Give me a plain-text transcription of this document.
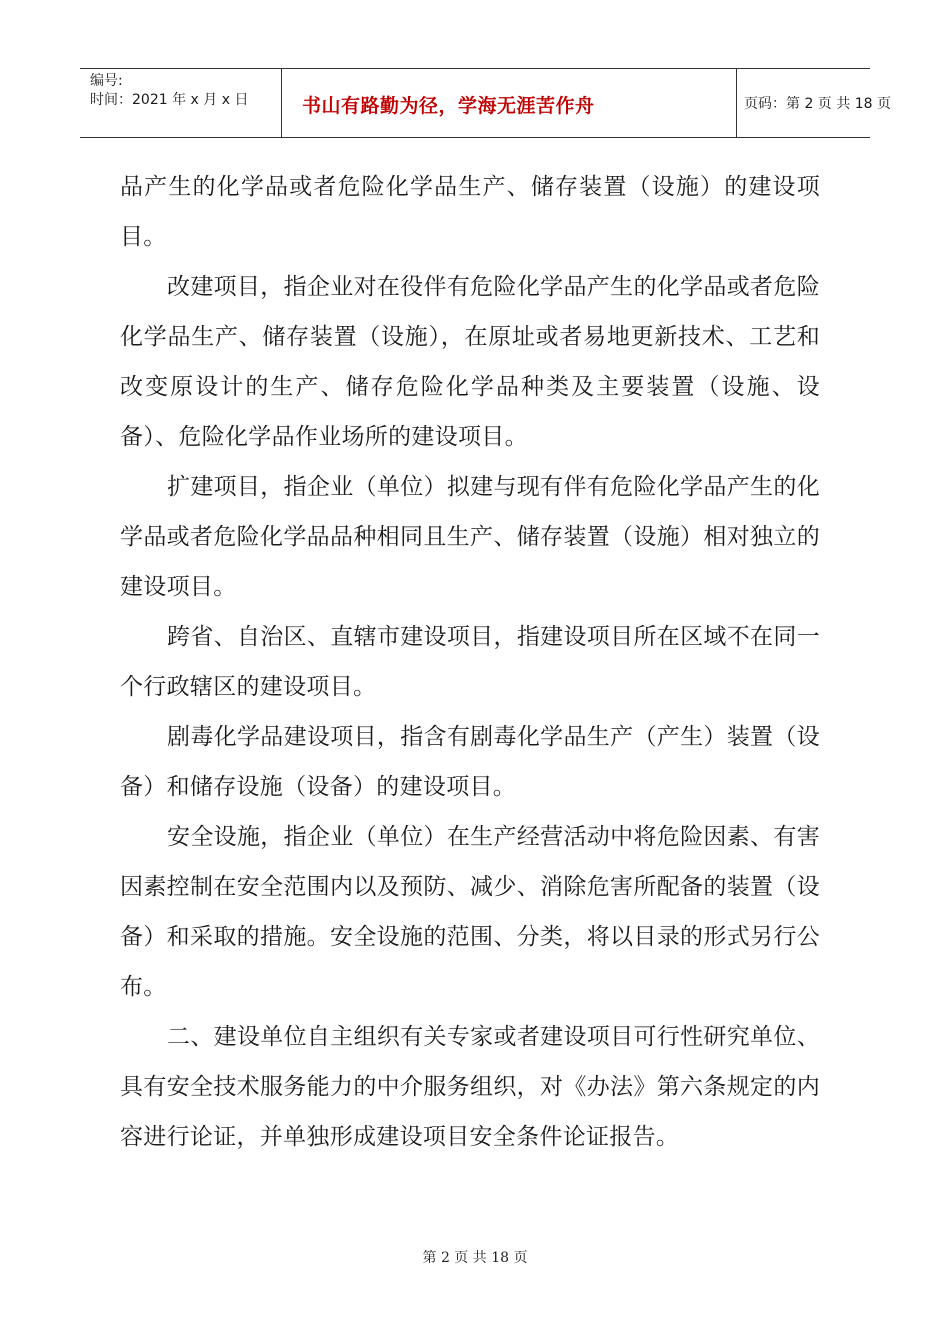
编号:
时间：2021 年 x 月 x 日	书山有路勤为径，学海无涯苦作舟	页码：第 2 页 共 18 页

品产生的化学品或者危险化学品生产、储存装置（设施）的建设项目。

改建项目，指企业对在役伴有危险化学品产生的化学品或者危险化学品生产、储存装置（设施），在原址或者易地更新技术、工艺和改变原设计的生产、储存危险化学品种类及主要装置（设施、设备）、危险化学品作业场所的建设项目。

扩建项目，指企业（单位）拟建与现有伴有危险化学品产生的化学品或者危险化学品品种相同且生产、储存装置（设施）相对独立的建设项目。

跨省、自治区、直辖市建设项目，指建设项目所在区域不在同一个行政辖区的建设项目。

剧毒化学品建设项目，指含有剧毒化学品生产（产生）装置（设备）和储存设施（设备）的建设项目。

安全设施，指企业（单位）在生产经营活动中将危险因素、有害因素控制在安全范围内以及预防、减少、消除危害所配备的装置（设备）和采取的措施。安全设施的范围、分类，将以目录的形式另行公布。

二、建设单位自主组织有关专家或者建设项目可行性研究单位、具有安全技术服务能力的中介服务组织，对《办法》第六条规定的内容进行论证，并单独形成建设项目安全条件论证报告。

第 2 页 共 18 页
